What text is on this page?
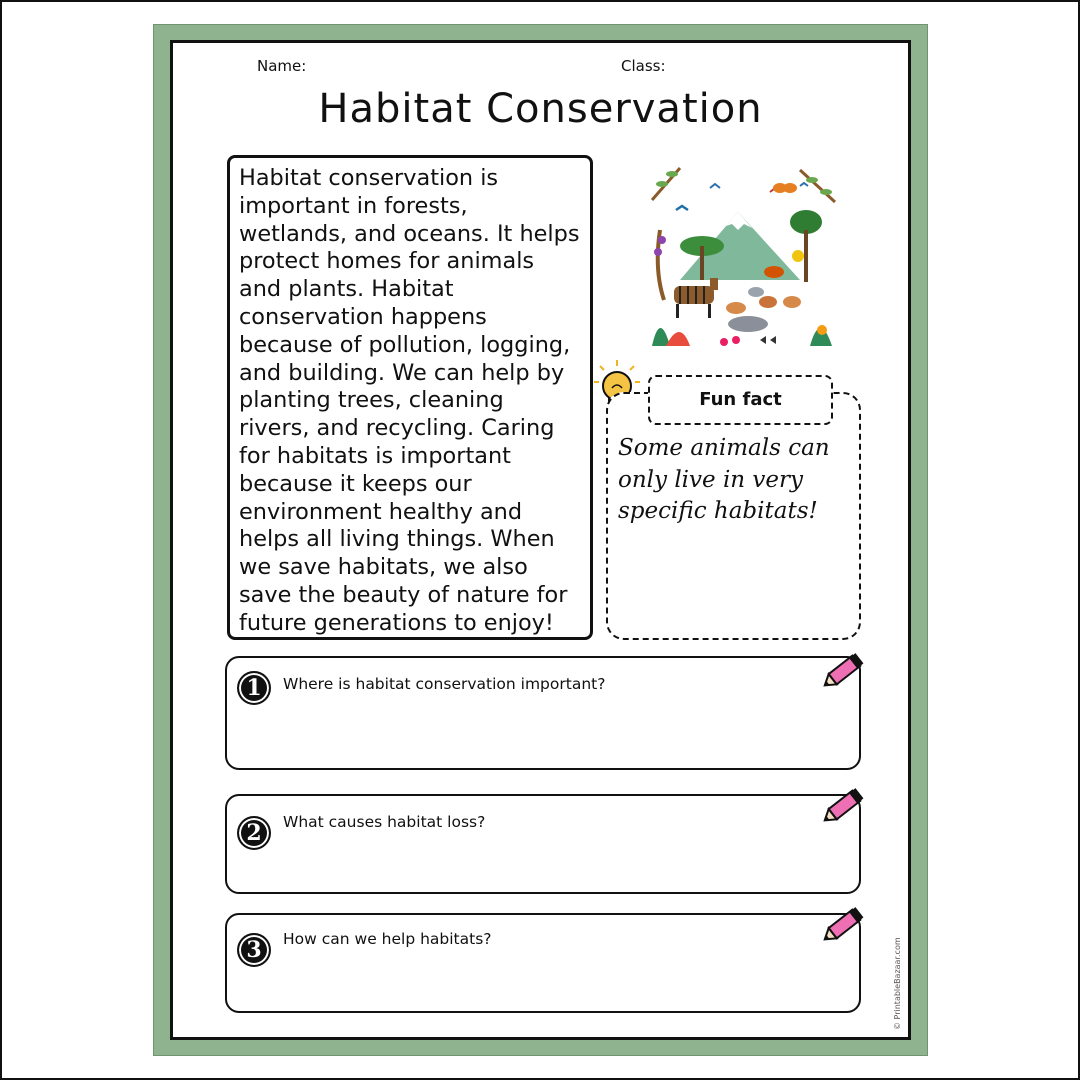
Name:	Class:
Habitat Conservation
Habitat conservation is important in forests, wetlands, and oceans. It helps protect homes for animals and plants. Habitat conservation happens because of pollution, logging, and building. We can help by planting trees, cleaning rivers, and recycling. Caring for habitats is important because it keeps our environment healthy and helps all living things. When we save habitats, we also save the beauty of nature for future generations to enjoy!
Fun fact
Some animals can only live in very specific habitats!
1	Where is habitat conservation important?
2	What causes habitat loss?
3	How can we help habitats?	© PrintableBazaar.com
